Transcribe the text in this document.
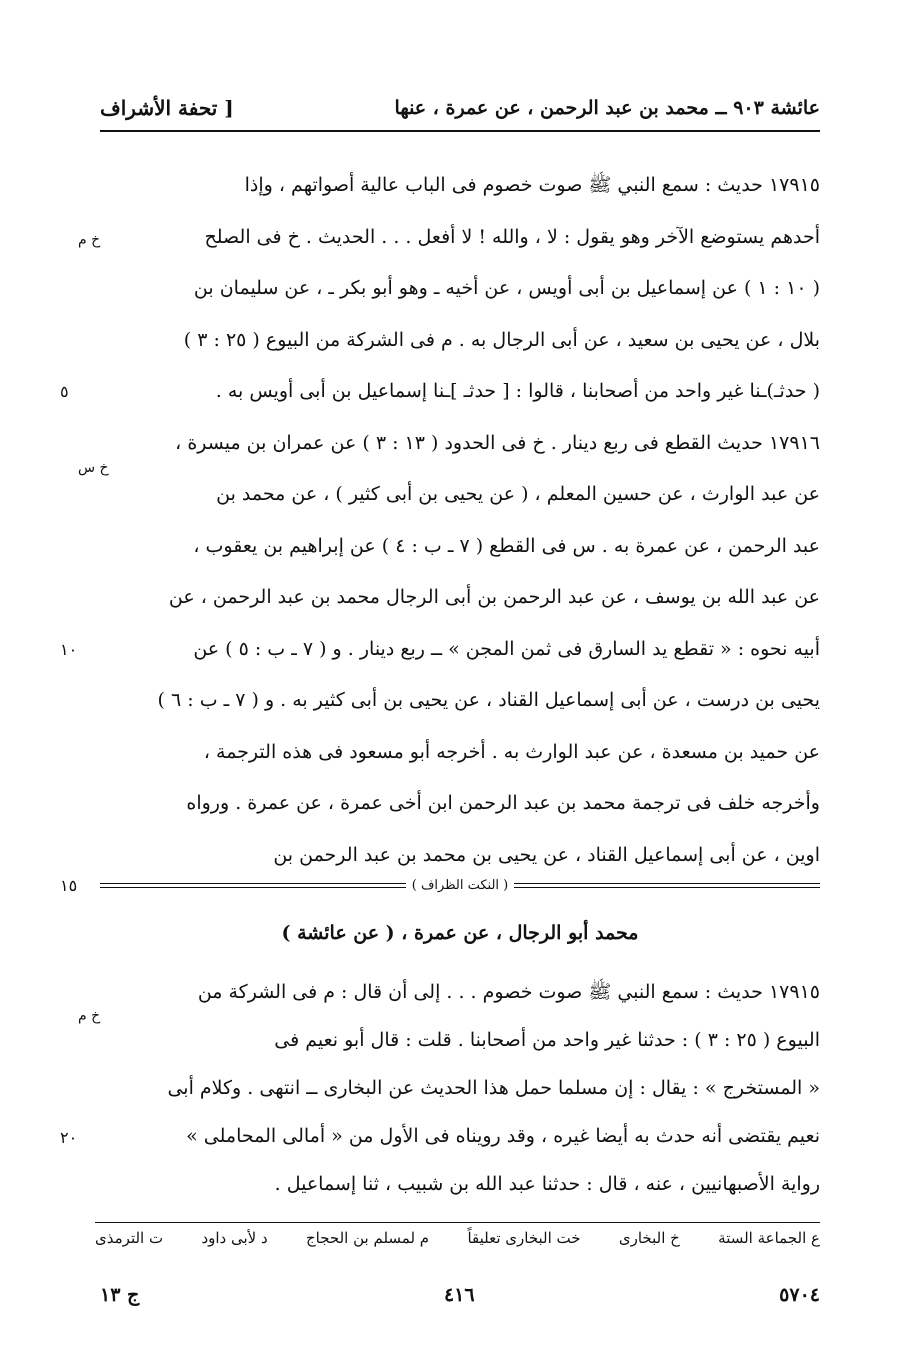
عائشة ٩٠٣ ــ محمد بن عبد الرحمن ، عن عمرة ، عنها
[ تحفة الأشراف
١٧٩١٥ حديث : سمع النبي ﷺ صوت خصوم فى الباب عالية أصواتهم ، وإذا
أحدهم يستوضع الآخر وهو يقول : لا ، والله ! لا أفعل . . . الحديث . خ فى الصلح
( ١٠ : ١ ) عن إسماعيل بن أبى أويس ، عن أخيه ـ وهو أبو بكر ـ ، عن سليمان بن
بلال ، عن يحيى بن سعيد ، عن أبى الرجال به . م فى الشركة من البيوع ( ٢٥ : ٣ )
( حدثـ)ـنا غير واحد من أصحابنا ، قالوا : [ حدثـ ]ـنا إسماعيل بن أبى أويس به .
١٧٩١٦ حديث القطع فى ربع دينار . خ فى الحدود ( ١٣ : ٣ ) عن عمران بن ميسرة ،
عن عبد الوارث ، عن حسين المعلم ، ( عن يحيى بن أبى كثير ) ، عن محمد بن
عبد الرحمن ، عن عمرة به . س فى القطع ( ٧ ـ ب : ٤ ) عن إبراهيم بن يعقوب ،
عن عبد الله بن يوسف ، عن عبد الرحمن بن أبى الرجال محمد بن عبد الرحمن ، عن
أبيه نحوه : « تقطع يد السارق فى ثمن المجن » ــ ربع دينار . و ( ٧ ـ ب : ٥ ) عن
يحيى بن درست ، عن أبى إسماعيل القناد ، عن يحيى بن أبى كثير به . و ( ٧ ـ ب : ٦ )
عن حميد بن مسعدة ، عن عبد الوارث به . أخرجه أبو مسعود فى هذه الترجمة ،
وأخرجه خلف فى ترجمة محمد بن عبد الرحمن ابن أخى عمرة ، عن عمرة . ورواه
اوين ، عن أبى إسماعيل القناد ، عن يحيى بن محمد بن عبد الرحمن بن
خ م
خ س
٥
١٠
١٥
٢٠
( النكت الظراف )
محمد أبو الرجال ، عن عمرة ، ( عن عائشة )
خ م
١٧٩١٥ حديث : سمع النبي ﷺ صوت خصوم . . . إلى أن قال : م فى الشركة من
البيوع ( ٢٥ : ٣ ) : حدثنا غير واحد من أصحابنا . قلت : قال أبو نعيم فى
« المستخرج » : يقال : إن مسلما حمل هذا الحديث عن البخارى ــ انتهى . وكلام أبى
نعيم يقتضى أنه حدث به أيضا غيره ، وقد رويناه فى الأول من « أمالى المحاملى »
رواية الأصبهانيين ، عنه ، قال : حدثنا عبد الله بن شبيب ، ثنا إسماعيل .
ع الجماعة الستة
خ البخارى
خت البخارى تعليقاً
م لمسلم بن الحجاج
د لأبى داود
ت الترمذى
٥٧٠٤
٤١٦
ج ١٣
